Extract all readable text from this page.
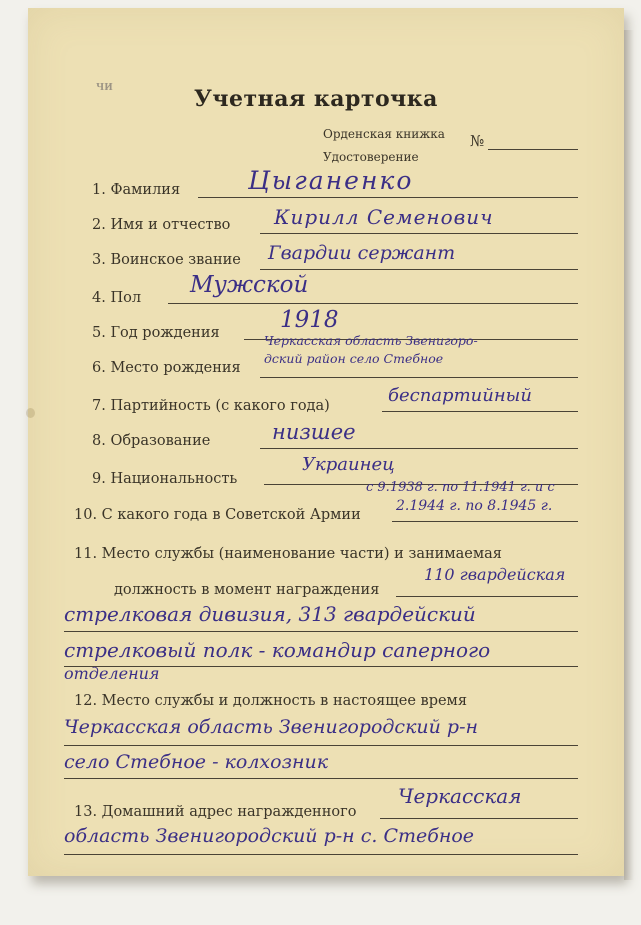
ЧИ	Учетная карточка
Орденская книжка №
Удостоверение
1. Фамилия	Цыганенко
2. Имя и отчество Кирилл Семенович
3. Воинское звание Гвардии сержант
4. Пол Мужской
5. Год рождения	1918
6. Место рождения
Черкасская область Звенигоро-
дский район село Стебное
7. Партийность (с какого года)	беспартийный
8. Образование	низшее
9. Национальность
Украинец
10. С какого года в Советской Армии
с 9.1938 г. по 11.1941 г. и с
2.1944 г. по 8.1945 г.
11. Место службы (наименование части) и занимаемая
должность в момент награждения
110 гвардейская
стрелковая дивизия, 313 гвардейский
стрелковый полк - командир саперного
отделения
12. Место службы и должность в настоящее время
Черкасская область Звенигородский р-н
село Стебное - колхозник
13. Домашний адрес награжденного
Черкасская
область Звенигородский р-н с. Стебное
